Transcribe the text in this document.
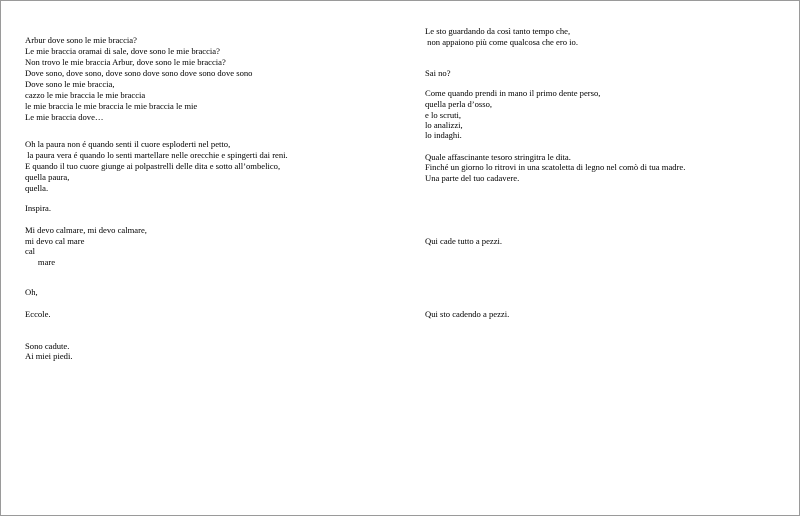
Arbur dove sono le mie braccia?
Le mie braccia oramai di sale, dove sono le mie braccia?
Non trovo le mie braccia Arbur, dove sono le mie braccia?
Dove sono, dove sono, dove sono dove sono dove sono dove sono
Dove sono le mie braccia,
cazzo le mie braccia le mie braccia
le mie braccia le mie braccia le mie braccia le mie
Le mie braccia dove…
Oh la paura non é quando senti il cuore esploderti nel petto,
la paura vera é quando lo senti martellare nelle orecchie e spingerti dai reni.
E quando il tuo cuore giunge ai polpastrelli delle dita e sotto all’ombelico,
quella paura,
quella.
Inspira.
Mi devo calmare, mi devo calmare,
mi devo cal mare
cal
mare
Oh,
Eccole.
Sono cadute.
Ai miei piedi.
Le sto guardando da così tanto tempo che,
non appaiono più come qualcosa che ero io.
Sai no?
Come quando prendi in mano il primo dente perso,
quella perla d’osso,
e lo scruti,
lo analizzi,
lo indaghi.
Quale affascinante tesoro stringitra le dita.
Finché un giorno lo ritrovi in una scatoletta di legno nel comò di tua madre.
Una parte del tuo cadavere.
Qui cade tutto a pezzi.
Qui sto cadendo a pezzi.
